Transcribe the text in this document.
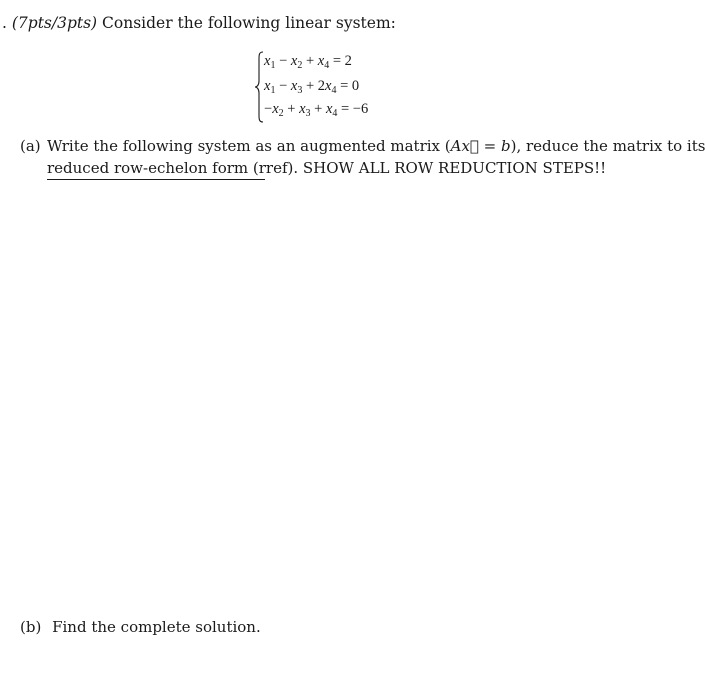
. (7pts/3pts) Consider the following linear system:
$x_1 - x_2 + x_4 = 2$
$x_1 - x_3 + 2x_4 = 0$
$-x_2 + x_3 + x_4 = -6$
(a) Write the following system as an augmented matrix (Ax⃗ = b), reduce the matrix to its
reduced row-echelon form (rref). SHOW ALL ROW REDUCTION STEPS!!
(b) Find the complete solution.
